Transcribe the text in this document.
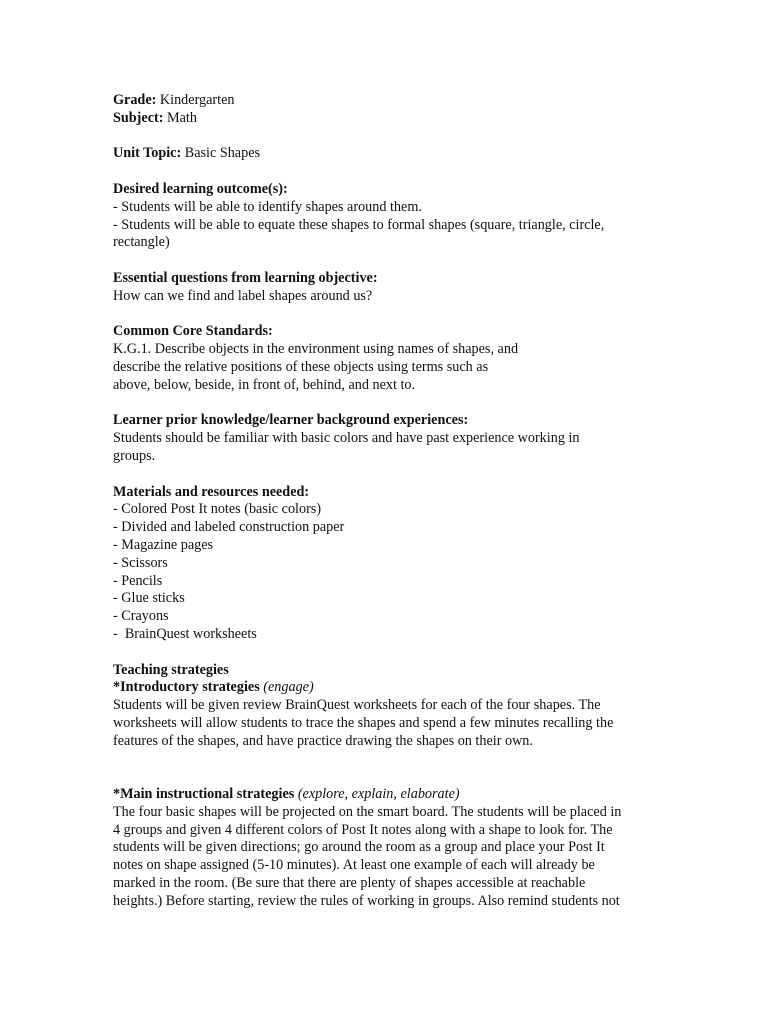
Grade: Kindergarten
Subject: Math
Unit Topic: Basic Shapes
Desired learning outcome(s):
- Students will be able to identify shapes around them.
- Students will be able to equate these shapes to formal shapes (square, triangle, circle,
rectangle)
Essential questions from learning objective:
How can we find and label shapes around us?
Common Core Standards:
K.G.1. Describe objects in the environment using names of shapes, and
describe the relative positions of these objects using terms such as
above, below, beside, in front of, behind, and next to.
Learner prior knowledge/learner background experiences:
Students should be familiar with basic colors and have past experience working in
groups.
Materials and resources needed:
- Colored Post It notes (basic colors)
- Divided and labeled construction paper
- Magazine pages
- Scissors
- Pencils
- Glue sticks
- Crayons
-  BrainQuest worksheets
Teaching strategies
*Introductory strategies (engage)
Students will be given review BrainQuest worksheets for each of the four shapes. The
worksheets will allow students to trace the shapes and spend a few minutes recalling the
features of the shapes, and have practice drawing the shapes on their own.
*Main instructional strategies (explore, explain, elaborate)
The four basic shapes will be projected on the smart board. The students will be placed in
4 groups and given 4 different colors of Post It notes along with a shape to look for. The
students will be given directions; go around the room as a group and place your Post It
notes on shape assigned (5-10 minutes). At least one example of each will already be
marked in the room. (Be sure that there are plenty of shapes accessible at reachable
heights.) Before starting, review the rules of working in groups. Also remind students not
